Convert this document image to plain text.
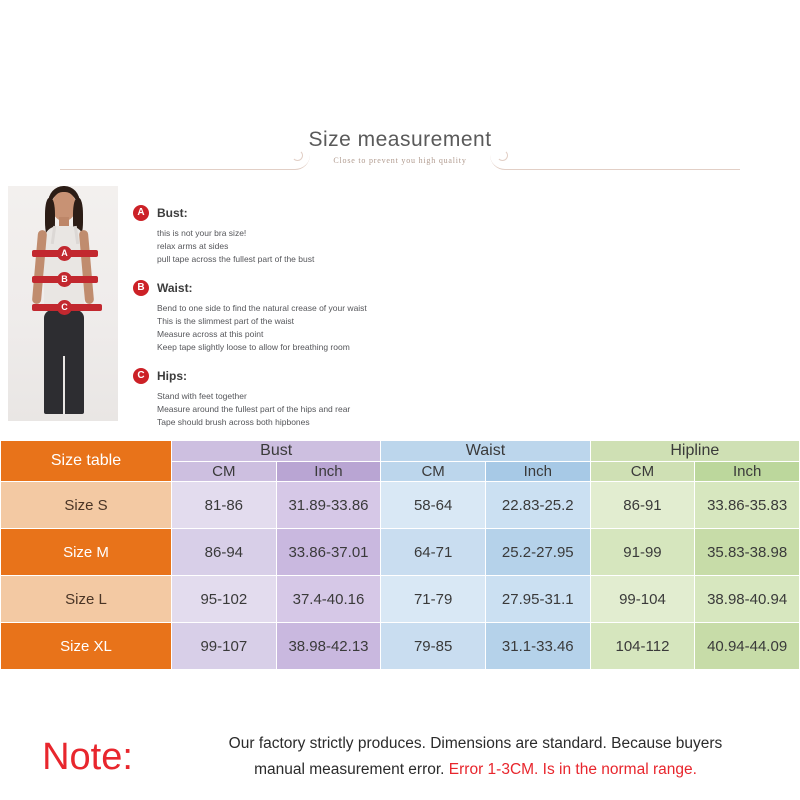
Size measurement
Close to prevent you high quality
A
B
C
A	Bust:
this is not your bra size!
relax arms at sides
pull tape across the fullest part of the bust
B	Waist:
Bend to one side to find the natural crease of your waist
This is the slimmest part of the waist
Measure across at this point
Keep tape slightly loose to allow for breathing room
C	Hips:
Stand with feet together
Measure around the fullest part of the hips and rear
Tape should brush across both hipbones
Size table	Bust		Waist		Hipline	
	CM	Inch	CM	Inch	CM	Inch
Size S	81-86	31.89-33.86	58-64	22.83-25.2	86-91	33.86-35.83
Size M	86-94	33.86-37.01	64-71	25.2-27.95	91-99	35.83-38.98
Size L	95-102	37.4-40.16	71-79	27.95-31.1	99-104	38.98-40.94
Size XL	99-107	38.98-42.13	79-85	31.1-33.46	104-112	40.94-44.09
Note:	Our factory strictly produces. Dimensions are standard. Because buyers
manual measurement error. Error 1-3CM. Is in the normal range.
